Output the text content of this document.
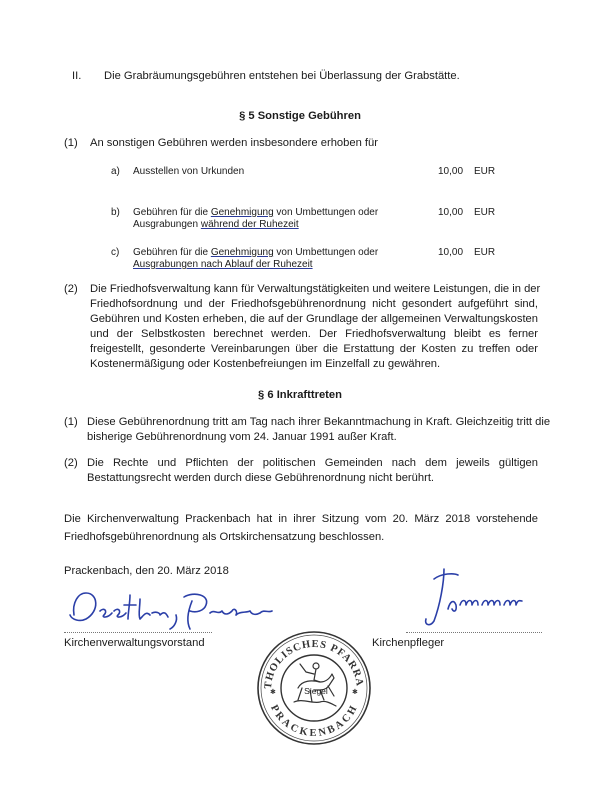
II. Die Grabräumungsgebühren entstehen bei Überlassung der Grabstätte.
§ 5 Sonstige Gebühren
(1) An sonstigen Gebühren werden insbesondere erhoben für
a) Ausstellen von Urkunden	10,00 EUR
b) Gebühren für die Genehmigung von Umbettungen oder
Ausgrabungen während der Ruhezeit
10,00 EUR
c) Gebühren für die Genehmigung von Umbettungen oder
Ausgrabungen nach Ablauf der Ruhezeit
10,00 EUR
(2) Die Friedhofsverwaltung kann für Verwaltungstätigkeiten und weitere Leistungen, die in der
Friedhofsordnung und der Friedhofsgebührenordnung nicht gesondert aufgeführt sind,
Gebühren und Kosten erheben, die auf der Grundlage der allgemeinen Verwaltungskosten
und der Selbstkosten berechnet werden. Der Friedhofsverwaltung bleibt es ferner
freigestellt, gesonderte Vereinbarungen über die Erstattung der Kosten zu treffen oder
Kostenermäßigung oder Kostenbefreiungen im Einzelfall zu gewähren.
§ 6 Inkrafttreten
(1) Diese Gebührenordnung tritt am Tag nach ihrer Bekanntmachung in Kraft. Gleichzeitig tritt die
bisherige Gebührenordnung vom 24. Januar 1991 außer Kraft.
(2) Die Rechte und Pflichten der politischen Gemeinden nach dem jeweils gültigen
Bestattungsrecht werden durch diese Gebührenordnung nicht berührt.
Die Kirchenverwaltung Prackenbach hat in ihrer Sitzung vom 20. März 2018 vorstehende
Friedhofsgebührenordnung als Ortskirchensatzung beschlossen.
Prackenbach, den 20. März 2018
Kirchenverwaltungsvorstand	Kirchenpfleger
KATHOLISCHES PFARRAMT
PRACKENBACH
✱	✱
Siegel
